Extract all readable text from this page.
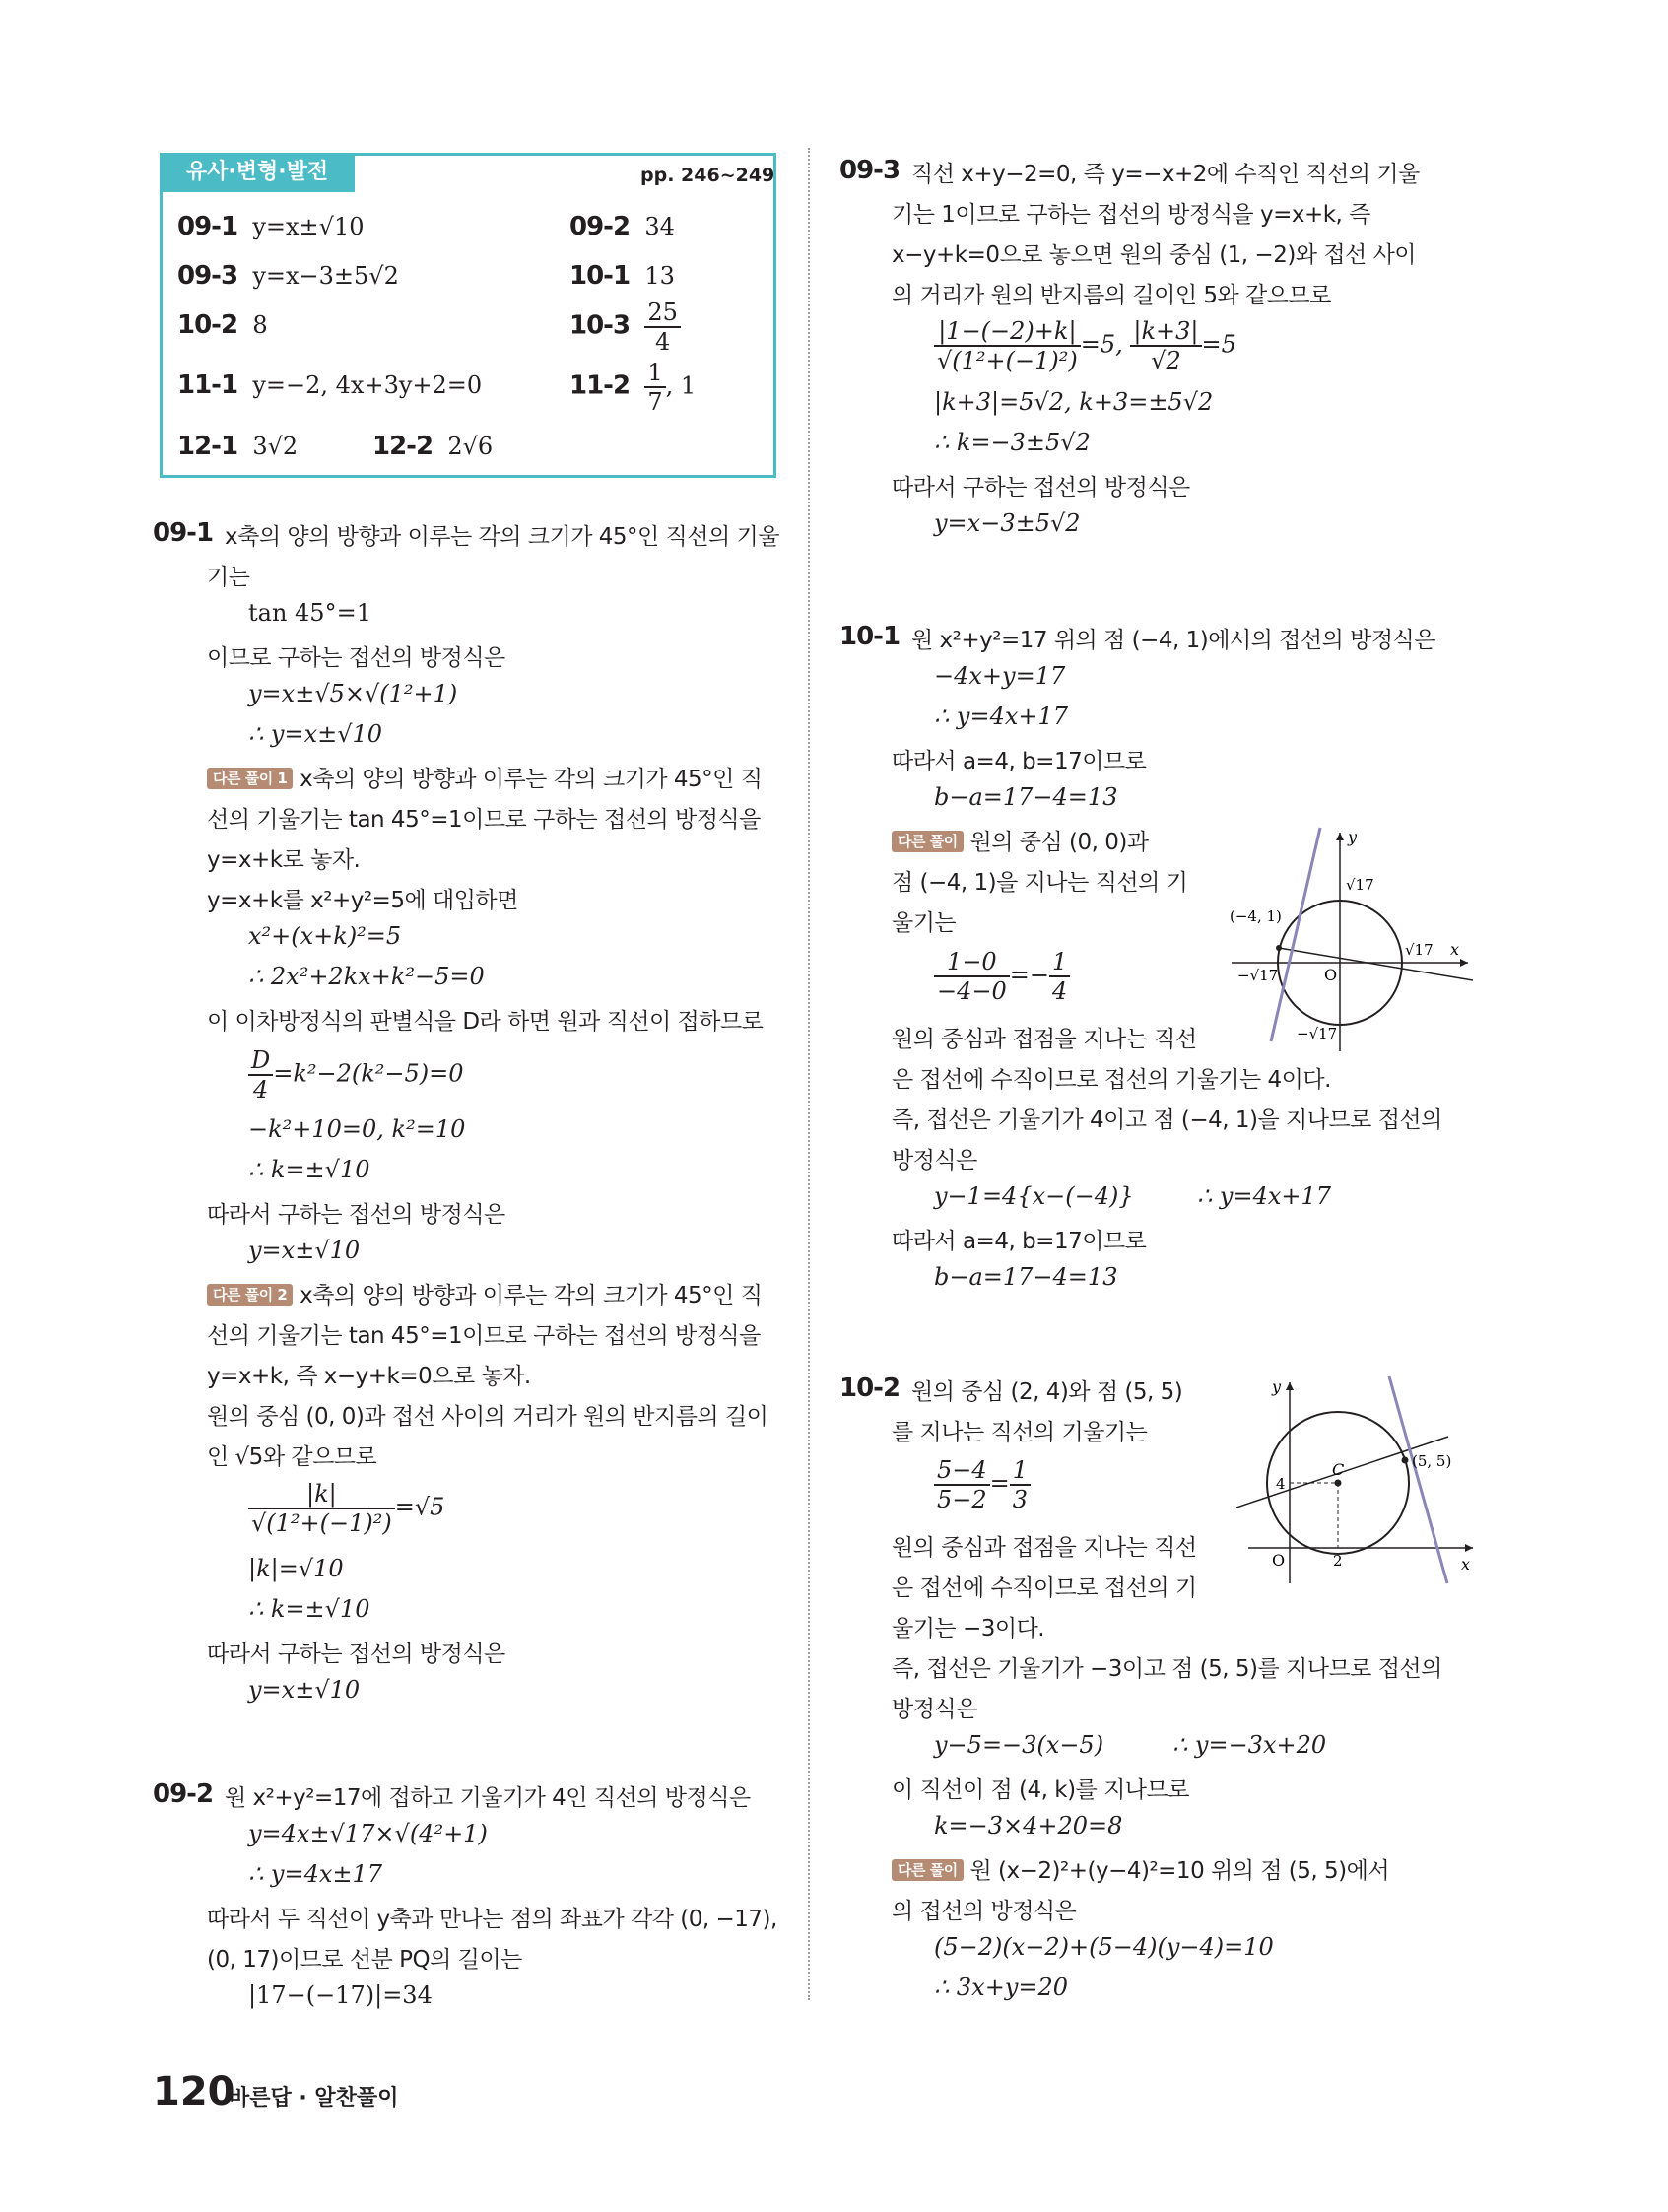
유사·변형·발전	pp. 246~249
09-1 y=x±√10	09-2 34
09-3 y=x−3±5√2	10-1 13
10-2 8	$10-3 \frac{25}{4}$
11-1 y=−2, 4x+3y+2=0	$11-2 \frac{1}{7}$ , 1
12-1 3√2	12-2 2√6
09-1 x축의 양의 방향과 이루는 각의 크기가 45°인 직선의 기울
기는
tan 45°=1
이므로 구하는 접선의 방정식은
y=x±√5×√(1²+1)
∴ y=x±√10
다른 풀이 1 x축의 양의 방향과 이루는 각의 크기가 45°인 직
선의 기울기는 tan 45°=1이므로 구하는 접선의 방정식을
y=x+k로 놓자.
y=x+k를 x²+y²=5에 대입하면
x²+(x+k)²=5
∴ 2x²+2kx+k²−5=0
이 이차방정식의 판별식을 D라 하면 원과 직선이 접하므로
$\frac{D}{4} =k^2-2(k^2-5)=0$
−k²+10=0, k²=10
∴ k=±√10
따라서 구하는 접선의 방정식은
y=x±√10
다른 풀이 2 x축의 양의 방향과 이루는 각의 크기가 45°인 직
선의 기울기는 tan 45°=1이므로 구하는 접선의 방정식을
y=x+k, 즉 x−y+k=0으로 놓자.
원의 중심 (0, 0)과 접선 사이의 거리가 원의 반지름의 길이
인 √5와 같으므로
$\frac{|k|}{\text{√(1²+(−1)²)}} =√5$
|k|=√10
∴ k=±√10
따라서 구하는 접선의 방정식은
y=x±√10
09-2 원 x²+y²=17에 접하고 기울기가 4인 직선의 방정식은
y=4x±√17×√(4²+1)
∴ y=4x±17
따라서 두 직선이 y축과 만나는 점의 좌표가 각각 (0, −17),
(0, 17)이므로 선분 PQ의 길이는
|17−(−17)|=34
09-3 직선 x+y−2=0, 즉 y=−x+2에 수직인 직선의 기울
기는 1이므로 구하는 접선의 방정식을 y=x+k, 즉
x−y+k=0으로 놓으면 원의 중심 (1, −2)와 접선 사이
의 거리가 원의 반지름의 길이인 5와 같으므로
$\frac{|1-(-2)+k|}{\text{√(1²+(−1)²)}} =5$, $\frac{|k+3|}{√2} =5$
|k+3|=5√2, k+3=±5√2
∴ k=−3±5√2
따라서 구하는 접선의 방정식은
y=x−3±5√2
10-1 원 x²+y²=17 위의 점 (−4, 1)에서의 접선의 방정식은
−4x+y=17
∴ y=4x+17
따라서 a=4, b=17이므로
b−a=17−4=13
다른 풀이 원의 중심 (0, 0)과
점 (−4, 1)을 지나는 직선의 기
울기는
$\frac{1-0}{-4-0} =- \frac{1}{4}$
원의 중심과 접점을 지나는 직선
은 접선에 수직이므로 접선의 기울기는 4이다.
즉, 접선은 기울기가 4이고 점 (−4, 1)을 지나므로 접선의
방정식은
y−1=4{x−(−4)}	∴ y=4x+17
따라서 a=4, b=17이므로
b−a=17−4=13
y
x
O
√17
√17
−√17
−√17
(−4, 1)
10-2 원의 중심 (2, 4)와 점 (5, 5)
를 지나는 직선의 기울기는
$\frac{5-4}{5-2} = \frac{1}{3}$
원의 중심과 접점을 지나는 직선
은 접선에 수직이므로 접선의 기
울기는 −3이다.
즉, 접선은 기울기가 −3이고 점 (5, 5)를 지나므로 접선의
방정식은
y−5=−3(x−5)	∴ y=−3x+20
이 직선이 점 (4, k)를 지나므로
k=−3×4+20=8
다른 풀이 원 (x−2)²+(y−4)²=10 위의 점 (5, 5)에서
의 접선의 방정식은
(5−2)(x−2)+(5−4)(y−4)=10
∴ 3x+y=20
y
x
O
C
4
2
(5, 5)
120
바른답 · 알찬풀이
